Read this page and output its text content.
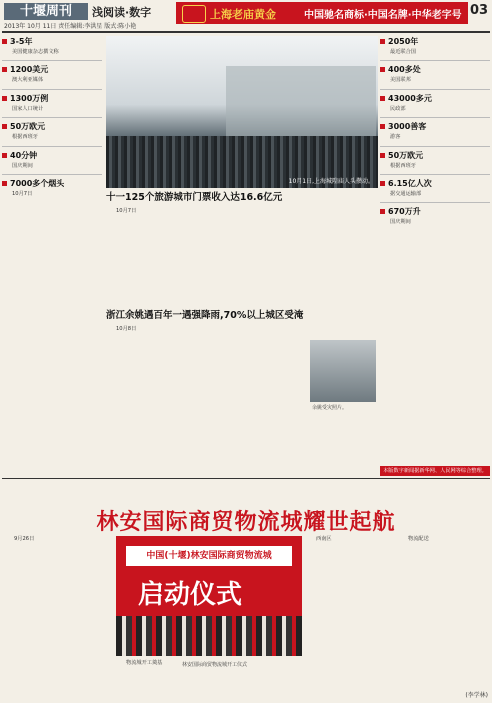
十堰周刊	浅阅读·数字
2013年 10月 11日 责任编辑:李洪星 版式:陈小艳
上海老庙黄金	中国驰名商标·中国名牌·中华老字号 03
3-5年
美国健康杂志撰文称
1200美元
澳大利亚媒体
1300万例
国家人口统计
50万欧元
根据西班牙
40分钟
国庆期间
7000多个烟头
10月7日
10月1日,上海城隍庙人头攒动。
十一125个旅游城市门票收入达16.6亿元
10月7日
浙江余姚遇百年一遇强降雨,70%以上城区受淹
10月8日
余姚受灾照片。
2050年
最近联合国
400多处
美国联邦
43000多元
民政部
3000善客
游客
50万欧元
根据西班牙
6.15亿人次
据交通运输部
670万升
国庆期间
本版数字新闻据新华网、人民网等综合整理。
林安国际商贸物流城耀世起航
9月26日
中国(十堰)林安国际商贸物流城
启动仪式
林安国际商贸物流城开工仪式
物流城开工奠基
西南区	物流配送
(李学林)
